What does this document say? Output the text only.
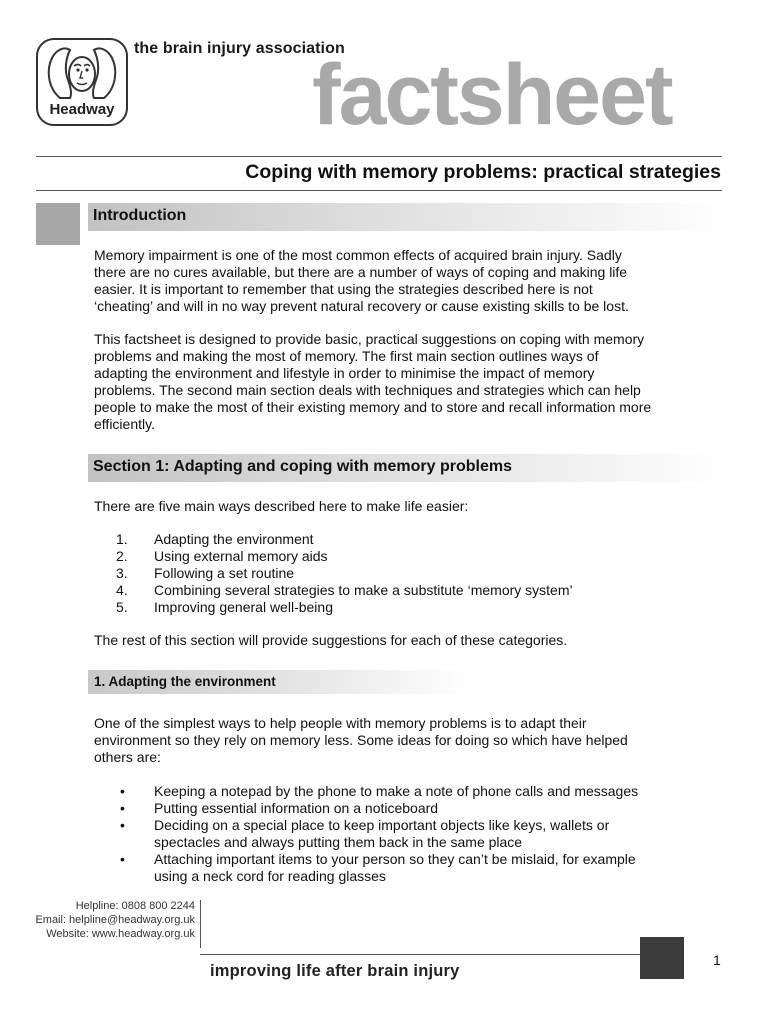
Headway
the brain injury association
factsheet
Coping with memory problems: practical strategies
Introduction
Memory impairment is one of the most common effects of acquired brain injury. Sadly
there are no cures available, but there are a number of ways of coping and making life
easier. It is important to remember that using the strategies described here is not
‘cheating’ and will in no way prevent natural recovery or cause existing skills to be lost.
This factsheet is designed to provide basic, practical suggestions on coping with memory
problems and making the most of memory. The first main section outlines ways of
adapting the environment and lifestyle in order to minimise the impact of memory
problems. The second main section deals with techniques and strategies which can help
people to make the most of their existing memory and to store and recall information more
efficiently.
Section 1: Adapting and coping with memory problems
There are five main ways described here to make life easier:
1. Adapting the environment
2. Using external memory aids
3. Following a set routine
4. Combining several strategies to make a substitute ‘memory system’
5. Improving general well-being
The rest of this section will provide suggestions for each of these categories.
1. Adapting the environment
One of the simplest ways to help people with memory problems is to adapt their
environment so they rely on memory less. Some ideas for doing so which have helped
others are:
• Keeping a notepad by the phone to make a note of phone calls and messages
• Putting essential information on a noticeboard
• Deciding on a special place to keep important objects like keys, wallets or
spectacles and always putting them back in the same place
• Attaching important items to your person so they can’t be mislaid, for example
using a neck cord for reading glasses
Helpline: 0808 800 2244
Email: helpline@headway.org.uk
Website: www.headway.org.uk
improving life after brain injury
1
